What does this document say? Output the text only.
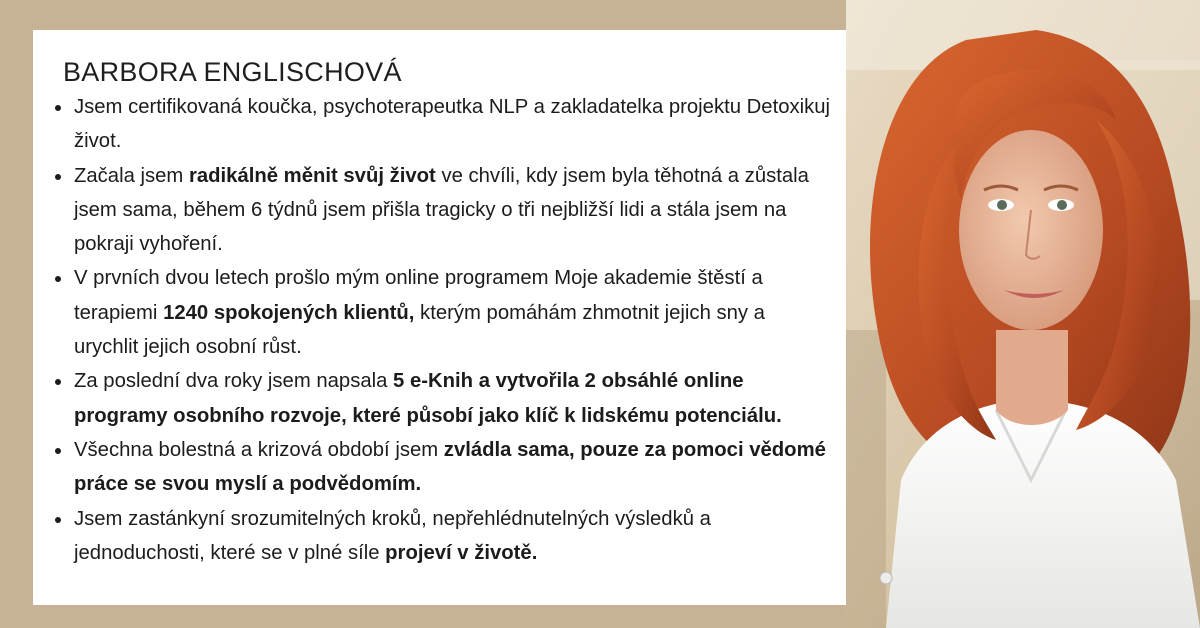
BARBORA ENGLISCHOVÁ
Jsem certifikovaná koučka, psychoterapeutka NLP a zakladatelka projektu Detoxikuj život.
Začala jsem radikálně měnit svůj život ve chvíli, kdy jsem byla těhotná a zůstala jsem sama, během 6 týdnů jsem přišla tragicky o tři nejbližší lidi a stála jsem na pokraji vyhoření.
V prvních dvou letech prošlo mým online programem Moje akademie štěstí a terapiemi 1240 spokojených klientů, kterým pomáhám zhmotnit jejich sny a urychlit jejich osobní růst.
Za poslední dva roky jsem napsala 5 e-Knih a vytvořila 2 obsáhlé online programy osobního rozvoje, které působí jako klíč k lidskému potenciálu.
Všechna bolestná a krizová období jsem zvládla sama, pouze za pomoci vědomé práce se svou myslí a podvědomím.
Jsem zastánkyní srozumitelných kroků, nepřehlédnutelných výsledků a jednoduchosti, které se v plné síle projeví v životě.
